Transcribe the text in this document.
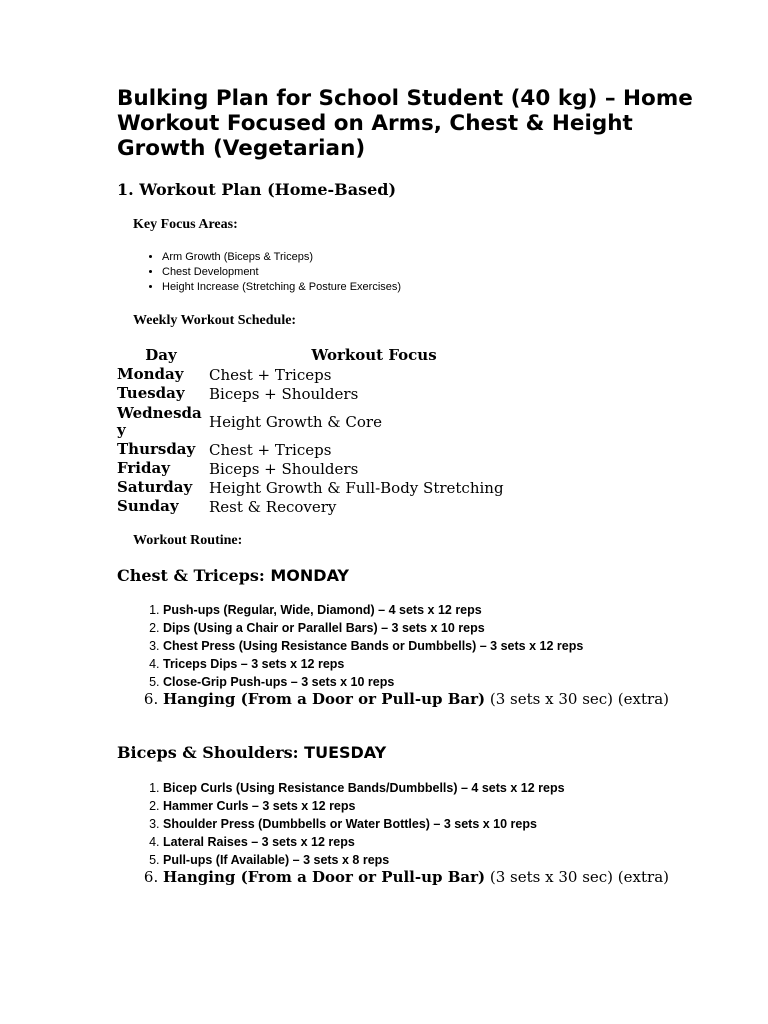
Bulking Plan for School Student (40 kg) – Home Workout Focused on Arms, Chest & Height Growth (Vegetarian)
1. Workout Plan (Home-Based)
Key Focus Areas:
• Arm Growth (Biceps & Triceps)
• Chest Development
• Height Increase (Stretching & Posture Exercises)
Weekly Workout Schedule:
Day	Workout Focus
Monday	Chest + Triceps
Tuesday	Biceps + Shoulders
Wednesday	Height Growth & Core
Thursday	Chest + Triceps
Friday	Biceps + Shoulders
Saturday	Height Growth & Full-Body Stretching
Sunday	Rest & Recovery
Workout Routine:
Chest & Triceps: MONDAY
1. Push-ups (Regular, Wide, Diamond) – 4 sets x 12 reps
2. Dips (Using a Chair or Parallel Bars) – 3 sets x 10 reps
3. Chest Press (Using Resistance Bands or Dumbbells) – 3 sets x 12 reps
4. Triceps Dips – 3 sets x 12 reps
5. Close-Grip Push-ups – 3 sets x 10 reps
6. Hanging (From a Door or Pull-up Bar) (3 sets x 30 sec) (extra)
Biceps & Shoulders: TUESDAY
1. Bicep Curls (Using Resistance Bands/Dumbbells) – 4 sets x 12 reps
2. Hammer Curls – 3 sets x 12 reps
3. Shoulder Press (Dumbbells or Water Bottles) – 3 sets x 10 reps
4. Lateral Raises – 3 sets x 12 reps
5. Pull-ups (If Available) – 3 sets x 8 reps
6. Hanging (From a Door or Pull-up Bar) (3 sets x 30 sec) (extra)
